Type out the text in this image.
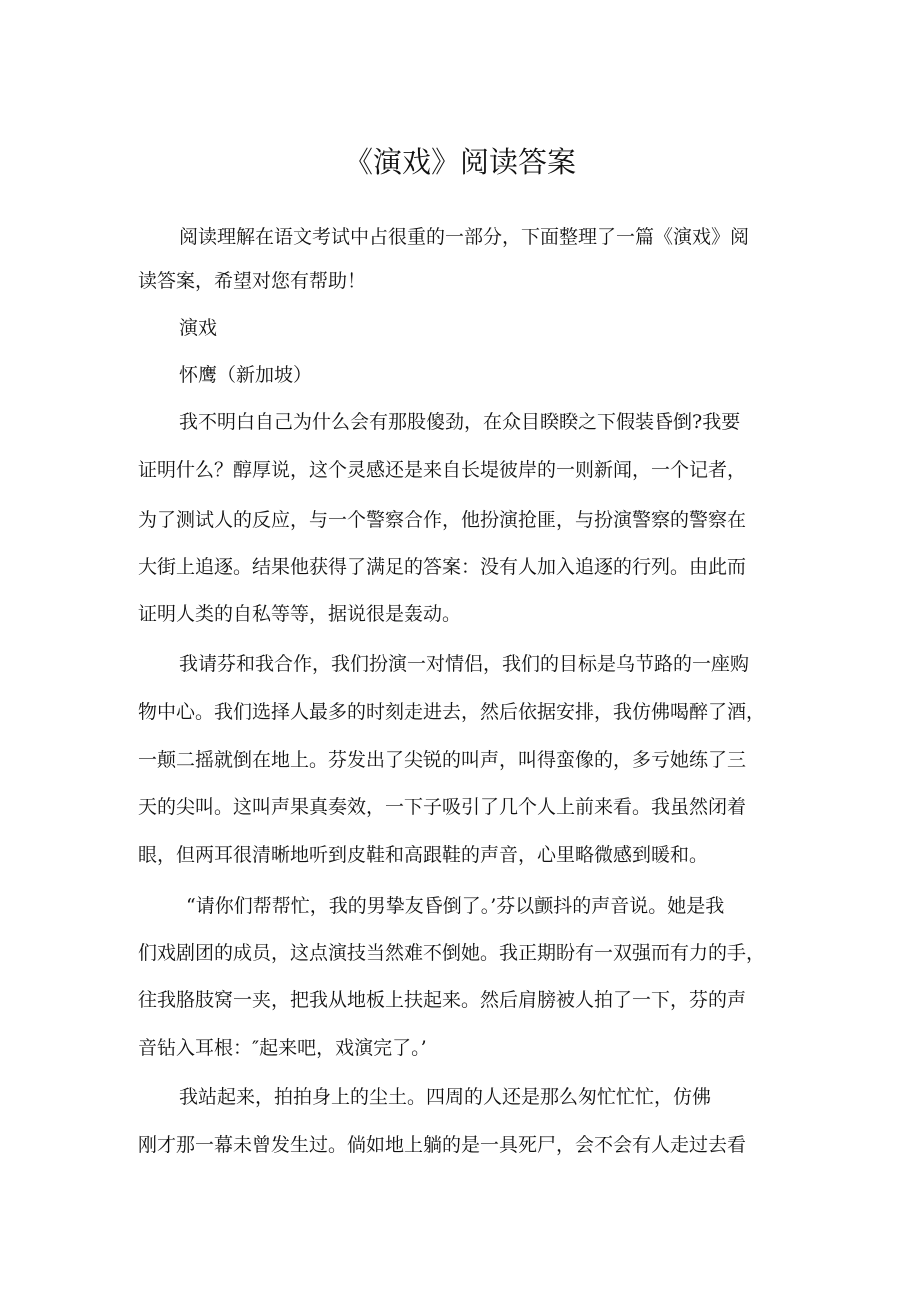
《演戏》阅读答案
阅读理解在语文考试中占很重的一部分，下面整理了一篇《演戏》阅
读答案，希望对您有帮助！
演戏
怀鹰（新加坡）
我不明白自己为什么会有那股傻劲，在众目睽睽之下假装昏倒?我要
证明什么？醇厚说，这个灵感还是来自长堤彼岸的一则新闻，一个记者，
为了测试人的反应，与一个警察合作，他扮演抢匪，与扮演警察的警察在
大街上追逐。结果他获得了满足的答案：没有人加入追逐的行列。由此而
证明人类的自私等等，据说很是轰动。
我请芬和我合作，我们扮演一对情侣，我们的目标是乌节路的一座购
物中心。我们选择人最多的时刻走进去，然后依据安排，我仿佛喝醉了酒，
一颠二摇就倒在地上。芬发出了尖锐的叫声，叫得蛮像的，多亏她练了三
天的尖叫。这叫声果真奏效，一下子吸引了几个人上前来看。我虽然闭着
眼，但两耳很清晰地听到皮鞋和高跟鞋的声音，心里略微感到暖和。
“请你们帮帮忙，我的男挚友昏倒了。’芬以颤抖的声音说。她是我
们戏剧团的成员，这点演技当然难不倒她。我正期盼有一双强而有力的手，
往我胳肢窝一夹，把我从地板上扶起来。然后肩膀被人拍了一下，芬的声
音钻入耳根：″起来吧，戏演完了。’
我站起来，拍拍身上的尘土。四周的人还是那么匆忙忙忙，仿佛
刚才那一幕未曾发生过。倘如地上躺的是一具死尸，会不会有人走过去看
